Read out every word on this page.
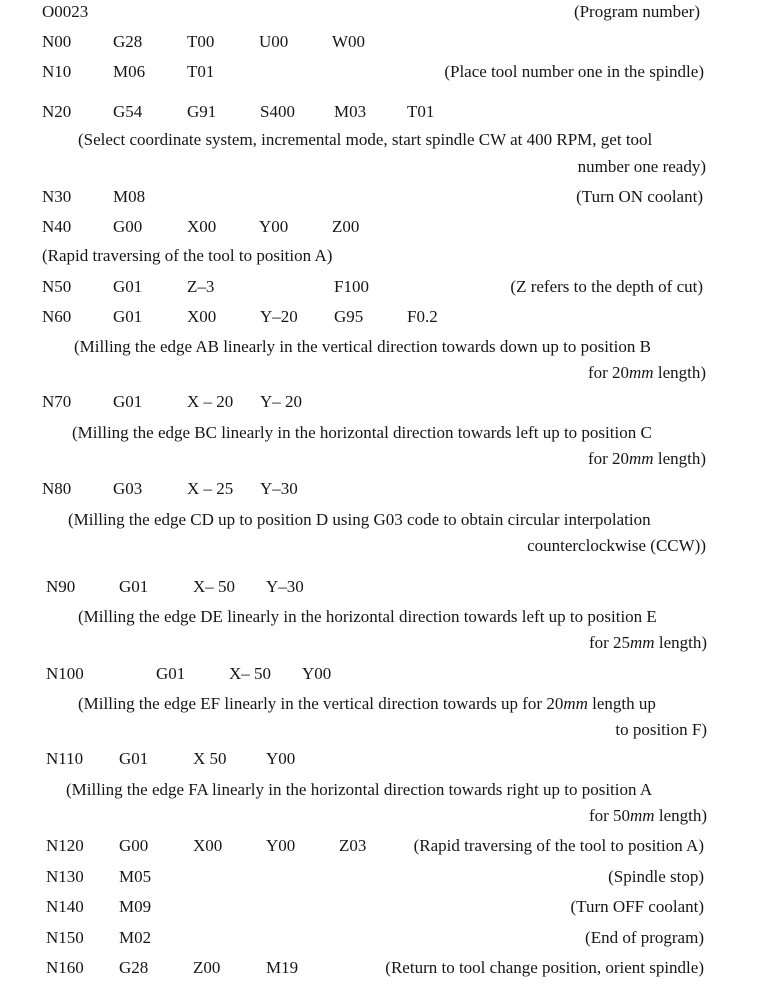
O0023	(Program number)
N00 G28	T00	U00	W00
N10 M06 T01	(Place tool number one in the spindle)
N20 G54	G91	S400 M03 T01
(Select coordinate system, incremental mode, start spindle CW at 400 RPM, get tool
number one ready)
N30 M08	(Turn ON coolant)
N40 G00	X00	Y00	Z00
(Rapid traversing of the tool to position A)
N50 G01	Z–3	F100	(Z refers to the depth of cut)
N60 G01	X00	Y–20 G95	F0.2
(Milling the edge AB linearly in the vertical direction towards down up to position B
for 20mm length)
N70 G01	X – 20 Y– 20
(Milling the edge BC linearly in the horizontal direction towards left up to position C
for 20mm length)
N80 G03	X – 25 Y–30
(Milling the edge CD up to position D using G03 code to obtain circular interpolation
counterclockwise (CCW))
N90	G01	X– 50 Y–30
(Milling the edge DE linearly in the horizontal direction towards left up to position E
for 25mm length)
N100	G01	X– 50 Y00
(Milling the edge EF linearly in the vertical direction towards up for 20mm length up
to position F)
N110 G01	X 50 Y00
(Milling the edge FA linearly in the horizontal direction towards right up to position A
for 50mm length)
N120 G00	X00	Y00	Z03	(Rapid traversing of the tool to position A)
N130 M05	(Spindle stop)
N140 M09	(Turn OFF coolant)
N150 M02	(End of program)
N160 G28	Z00	M19	(Return to tool change position, orient spindle)
